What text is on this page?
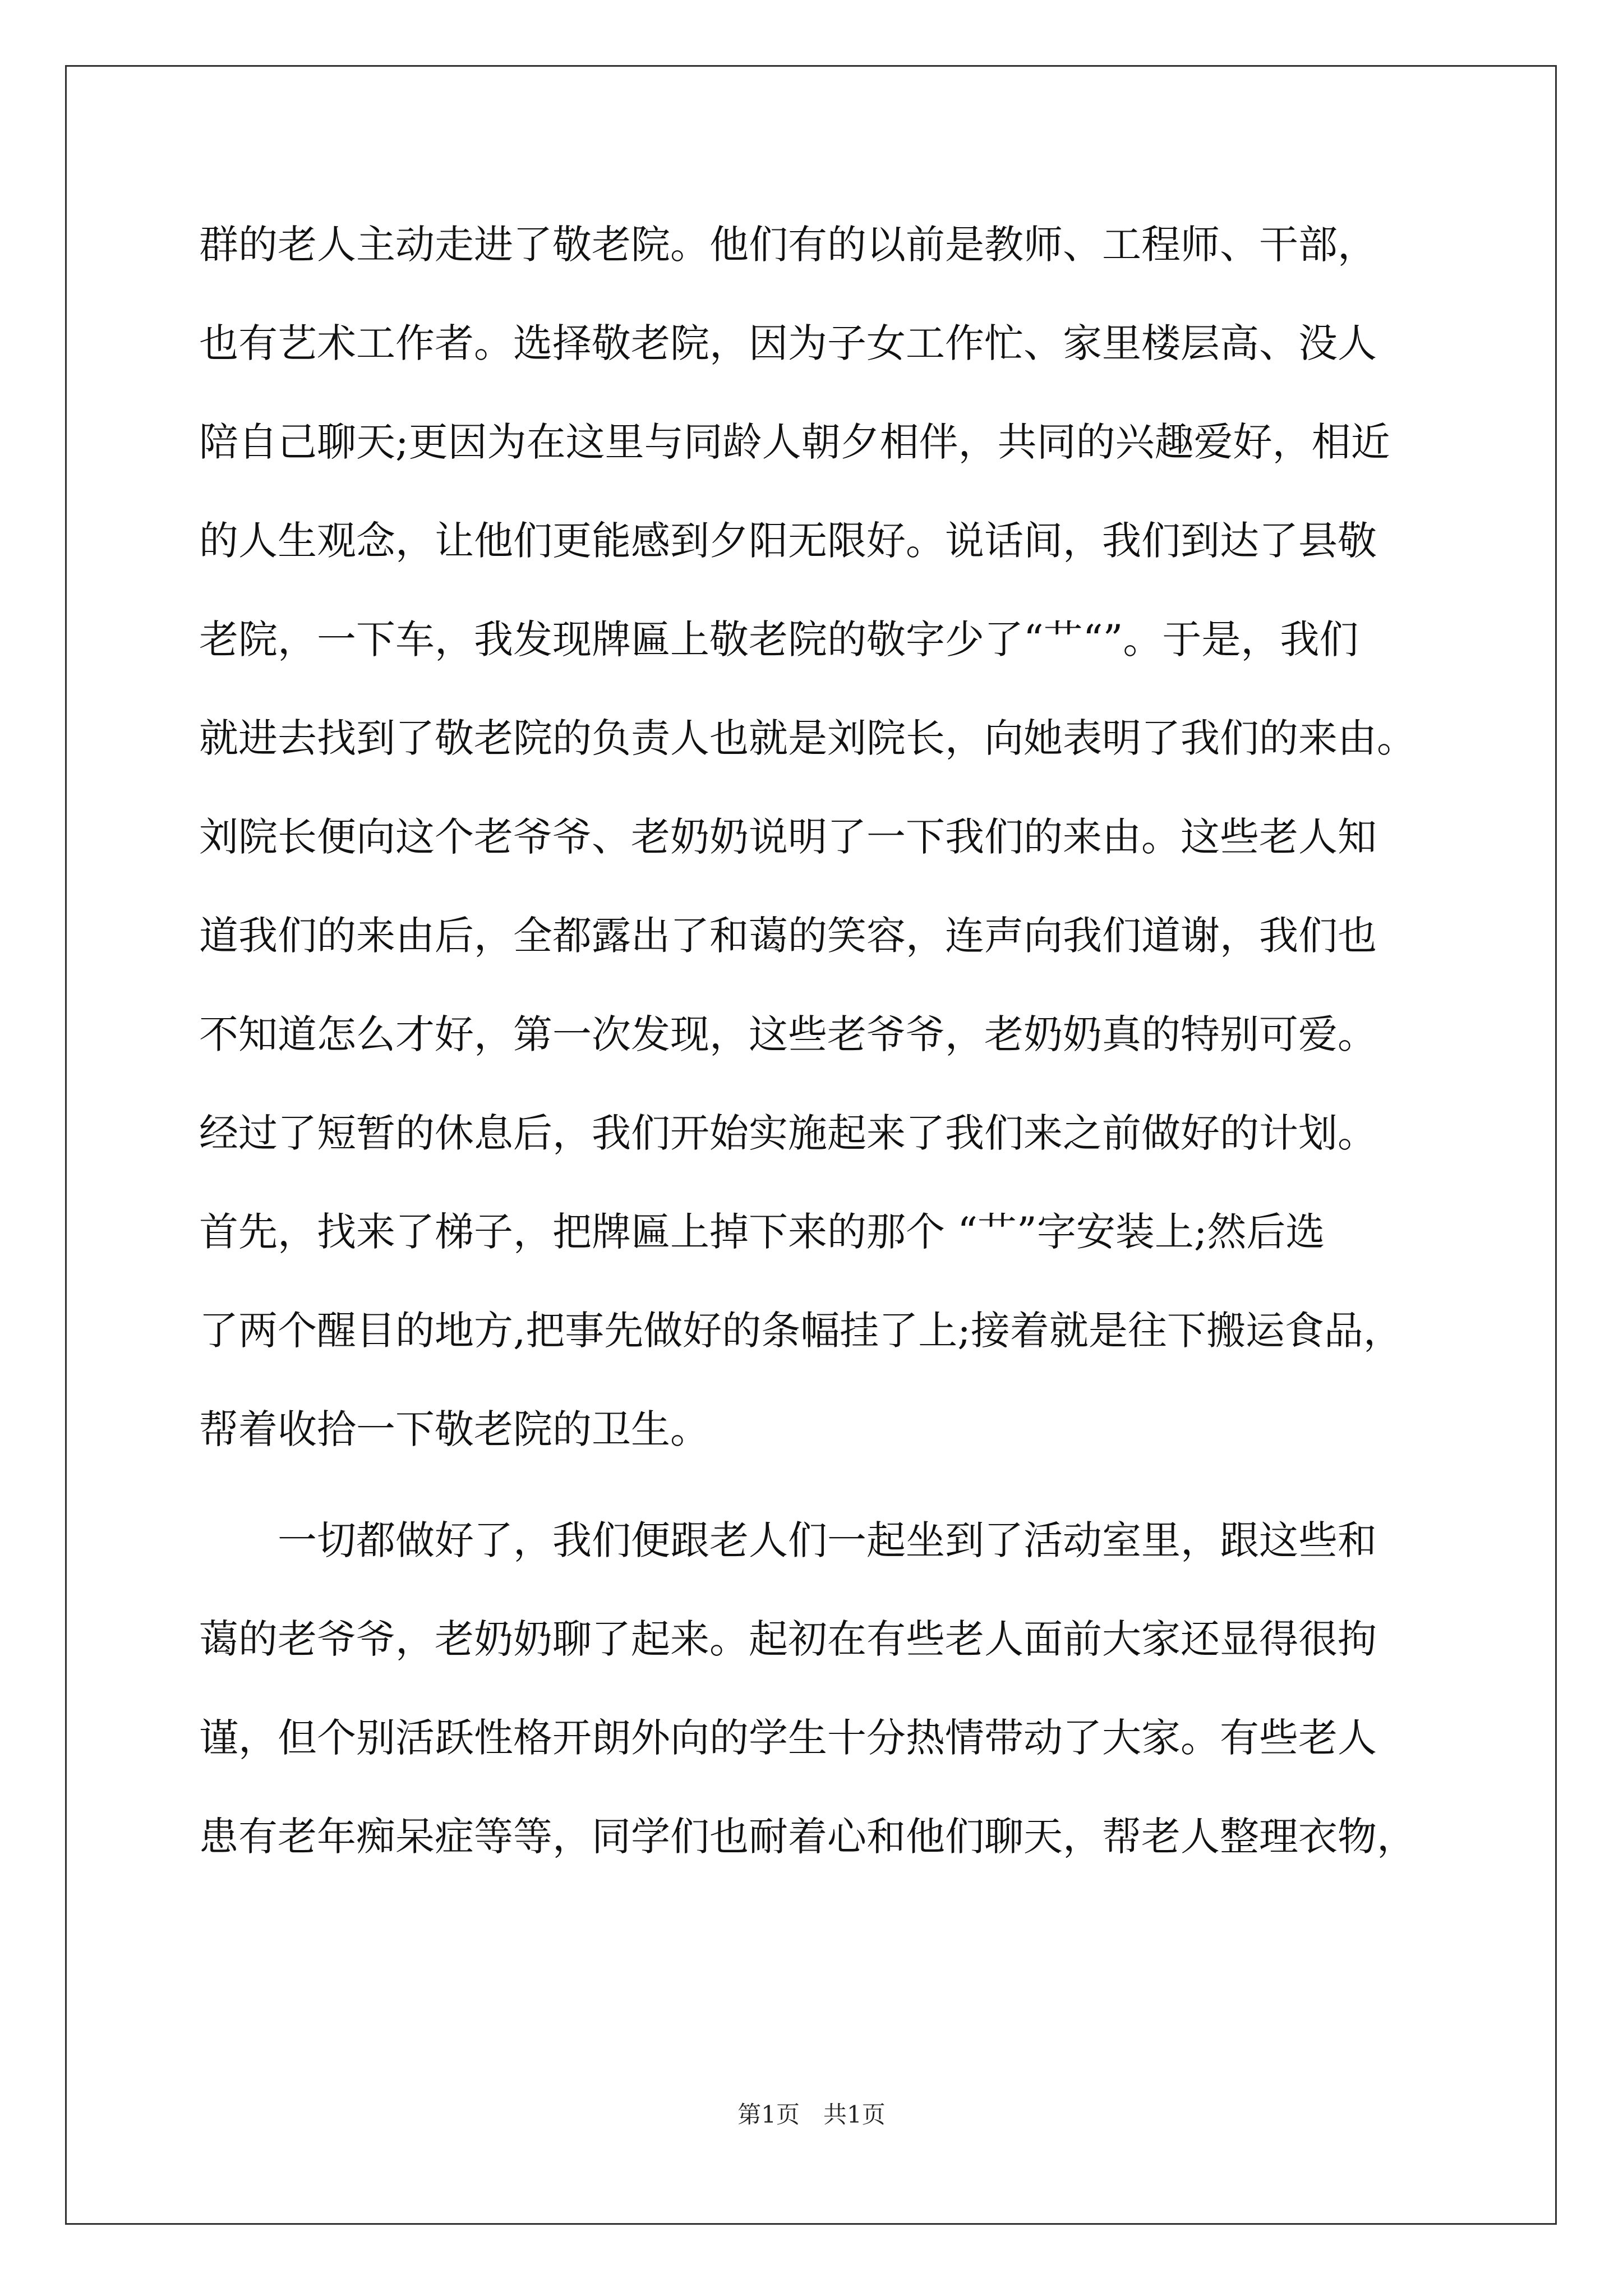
群的老人主动走进了敬老院。他们有的以前是教师、工程师、干部，
也有艺术工作者。选择敬老院，因为子女工作忙、家里楼层高、没人
陪自己聊天;更因为在这里与同龄人朝夕相伴，共同的兴趣爱好，相近
的人生观念，让他们更能感到夕阳无限好。说话间，我们到达了县敬
老院，一下车，我发现牌匾上敬老院的敬字少了“艹“”。于是，我们
就进去找到了敬老院的负责人也就是刘院长，向她表明了我们的来由。
刘院长便向这个老爷爷、老奶奶说明了一下我们的来由。这些老人知
道我们的来由后，全都露出了和蔼的笑容，连声向我们道谢，我们也
不知道怎么才好，第一次发现，这些老爷爷，老奶奶真的特别可爱。
经过了短暂的休息后，我们开始实施起来了我们来之前做好的计划。
首先，找来了梯子，把牌匾上掉下来的那个 “艹”字安装上;然后选
了两个醒目的地方,把事先做好的条幅挂了上;接着就是往下搬运食品，
帮着收拾一下敬老院的卫生。
　　一切都做好了，我们便跟老人们一起坐到了活动室里，跟这些和
蔼的老爷爷，老奶奶聊了起来。起初在有些老人面前大家还显得很拘
谨，但个别活跃性格开朗外向的学生十分热情带动了大家。有些老人
患有老年痴呆症等等，同学们也耐着心和他们聊天，帮老人整理衣物，
第1页　共1页
